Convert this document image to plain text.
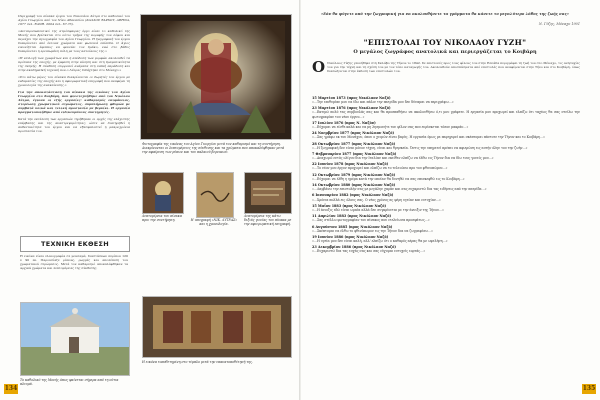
Περιγραφή του πίνακα έργου του Νικολάου Λύτρα στο καθολικό του Αγίου Γεωργίου από τον Νίκο Αθανασίου (ΚΑΛΛΟΣ ΞΑΡΧΟΥ, ΑΘΗΝΑ, 1977 σελ. ΞΑΝΘ. 2004 σελ. 67-73).

«Αντιπροσωπευτικό της ατμόσφαιρας έργο είναι το καθολικό της Μονής που βρίσκεται στο νότιο τμήμα της κορυφής του λόφου και περιέχει την αγιογραφία του Αγίου Γεωργίου. Η ζωγραφική του έργου διακρίνεται από έντονα χρώματα και φωτεινά επίπεδα. Ο Άγιος εικονίζεται έφιππος να φονεύει τον δράκο, ενώ στο βάθος διακρίνεται η ερειπωμένη πόλη με τους κατοίκους της.»

«Η επιλογή των χρωμάτων και η απόδοση των μορφών ακολουθεί τα πρότυπα της εποχής, με έμφαση στην κίνηση και στη δραματικότητα της σκηνής. Η σύνθεση ισορροπεί ανάμεσα στη λαϊκή παράδοση και στην ακαδημαϊκή τεχνική που ο Λύτρας διδάχτηκε στο Μόναχο.»

«Στο κάτω μέρος του πίνακα διακρίνονται οι δωρητές του έργου με ενδυμασίες της εποχής και η αφιερωματική επιγραφή που αναφέρει τη χρονολογία της ανακαίνισης.»

Για την αποκατάσταση του πίνακα της εικόνας του Αγίου Γεωργίου στο Κοιβάρη, που φιλοτεχνήθηκε από τον Νικόλαο Λύτρα, έγιναν οι εξής εργασίες: καθαρισμός επιφάνειας, στερέωση χρωματικού στρώματος, συμπλήρωση φθορών με συμβατά υλικά και τελική προστασία με βερνίκι. Η εργασία πραγματοποιήθηκε από ειδικευμένους συντηρητές.

Κατά την εκτέλεση των εργασιών τηρήθηκαν οι αρχές της ελάχιστης επέμβασης και της αναστρεψιμότητας, ώστε να διατηρηθεί η αυθεντικότητα του έργου και να εξασφαλιστεί η μακροχρόνια προστασία του.

ΤΕΧΝΙΚΗ ΕΚΘΕΣΗ
Η εικόνα είναι ελαιογραφία σε μουσαμά, διαστάσεων περίπου 120 x 90 εκ. Παρουσίαζε ρύπους, ρωγμές και απολέπιση του χρωματικού στρώματος. Μετά τον καθαρισμό αποκαλύφθηκαν τα αρχικά χρώματα και λεπτομέρειες της σύνθεσης.
Φωτογραφία της εικόνας του Αγίου Γεωργίου μετά τον καθαρισμό και τη συντήρηση. Διακρίνονται οι λεπτομέρειες της σύνθεσης και τα χρώματα που αποκαλύφθηκαν μετά την αφαίρεση των ρύπων και του παλαιού βερνικιού.
Λεπτομέρεια του πίνακα πριν την συντήρηση.	Η υπογραφή «ΝΙΚ. ΛΥΤΡΑΣ» και η χρονολογία.
Λεπτομέρεια της κάτω δεξιάς γωνίας του πίνακα με την αφιερωματική επιγραφή.
Το καθολικό της Μονής όπως φαίνεται σήμερα από τη νότια πλευρά.
Η εικόνα τοποθετημένη στο τέμπλο μετά την επανατοποθέτησή της.
134
«Εάν θα φύγετε από την ζωγραφική για να ακολουθήσετε τα γράμματα θα κάνετε το μεγαλύτερο λάθος της ζωής σας»
Ν. Γύζης, Μόναχο 1901
"ΕΠΙΣΤΟΛΑΙ ΤΟΥ ΝΙΚΟΛΑΟΥ ΓΥΖΗ"
Ο μεγάλος ζωγράφος ανατολικά και περιεργάζεται το Κοιβάρη
Ο Νικόλαος Γύζης γεννήθηκε στη Σκλάβο της Τήνου το 1842. Σε επιστολές προς τους φίλους του στην Ελλάδα περιγράφει τη ζωή του στο Μόναχο, τις ανησυχίες του για την τέχνη και τη σχέση του με τον τόπο καταγωγής του. Ακολουθούν αποσπάσματα από επιστολές που αναφέρονται στην Τήνο και στο Κοιβάρη, όπως διασώζονται στην έκδοση των επιστολών του.
15 Μαρτίου 1873 (προς Νικόλαον Ναζό)
«...Την επιθυμίαν μου να ίδω και πάλιν την πατρίδα μου δεν δύναμαι να περιγράψω...»
23 Μαρτίου 1876 (προς Νικόλαον Ναζό)
«...Εκτιμώ πολύ τας συμβουλάς σας και θα προσπαθήσω να ακολουθήσω ό,τι μου γράφετε. Η εργασία μου προχωρεί και ελπίζω ότι ταχέως θα σας στείλω την φωτογραφίαν του νέου έργου...»
17 Ιουλίου 1876 (προς Ν. Ναζόν)
«...Εύχομαι να είσθε καλά και να μη λησμονήτε τον φίλον σας που ευρίσκεται τόσον μακράν...»
24 Νοεμβρίου 1877 (προς Νικόλαον Ναζό)
«...Σας γράφω εκ του Μονάχου, όπου ο χειμών είναι βαρύς. Η εργασία όμως με παρηγορεί και σκέπτομαι πάντοτε την Τήνον και το Κοιβάρη...»
28 Οκτωβρίου 1877 (προς Νικόλαον Ναζό)
«...Η ζωγραφική δεν είναι μόνον τέχνη, είναι και θρησκεία. Όστις την υπηρετεί πρέπει να αφιερώση εις αυτήν όλην του την ζωήν...»
7 Φεβρουαρίου 1877 (προς Νικόλαον Ναζό)
«...Αναχωρώ εντός ολίγου δια την Ιταλίαν και εκείθεν ελπίζω να έλθω εις Τήνον δια να ίδω τους γονείς μου...»
22 Ιουνίου 1878 (προς Νικόλαον Ναζό)
«...Το νέον μου έργον προχωρεί και ελπίζω να το τελειώσω προ του φθινοπώρου...»
12 Οκτωβρίου 1879 (προς Νικόλαον Ναζό)
«...Εύχομαι να έλθη η ημέρα κατά την οποίαν θα δυνηθώ να σας επισκεφθώ εις το Κοιβάρη...»
14 Οκτωβρίου 1880 (προς Νικόλαον Ναζό)
«...Λαμβάνω την επιστολήν σας με μεγάλην χαράν και σας ευχαριστώ δια τας ειδήσεις από την πατρίδα...»
6 Ιανουαρίου 1882 (προς Νικόλαον Ναζό)
«...Χρόνια πολλά εις όλους σας. Ο νέος χρόνος ας φέρη υγείαν και ευτυχίαν...»
15 Μαΐου 1883 (προς Νικόλαον Ναζό)
«...Η άνοιξις εδώ είναι ωραία αλλά δεν συγκρίνεται με την άνοιξιν της Τήνου...»
11 Απριλίου 1883 (προς Νικόλαον Ναζό)
«...Σας στέλλω φωτογραφίαν του πίνακος που ετελείωσα προσφάτως...»
6 Αυγούστου 1885 (προς Νικόλαον Ναζό)
«...Σκέπτομαι να έλθω το φθινόπωρον εις την Τήνον δια να ζωγραφίσω...»
19 Ιουνίου 1886 (προς Νικόλαον Ναζό)
«...Η υγεία μου δεν είναι καλή, αλλ' ελπίζω ότι ο καθαρός αέρας θα με ωφελήση...»
23 Δεκεμβρίου 1886 (προς Νικόλαον Ναζό)
«...Ευχαριστώ δια τας ευχάς σας και σας εύχομαι ευτυχείς εορτάς...»
135
